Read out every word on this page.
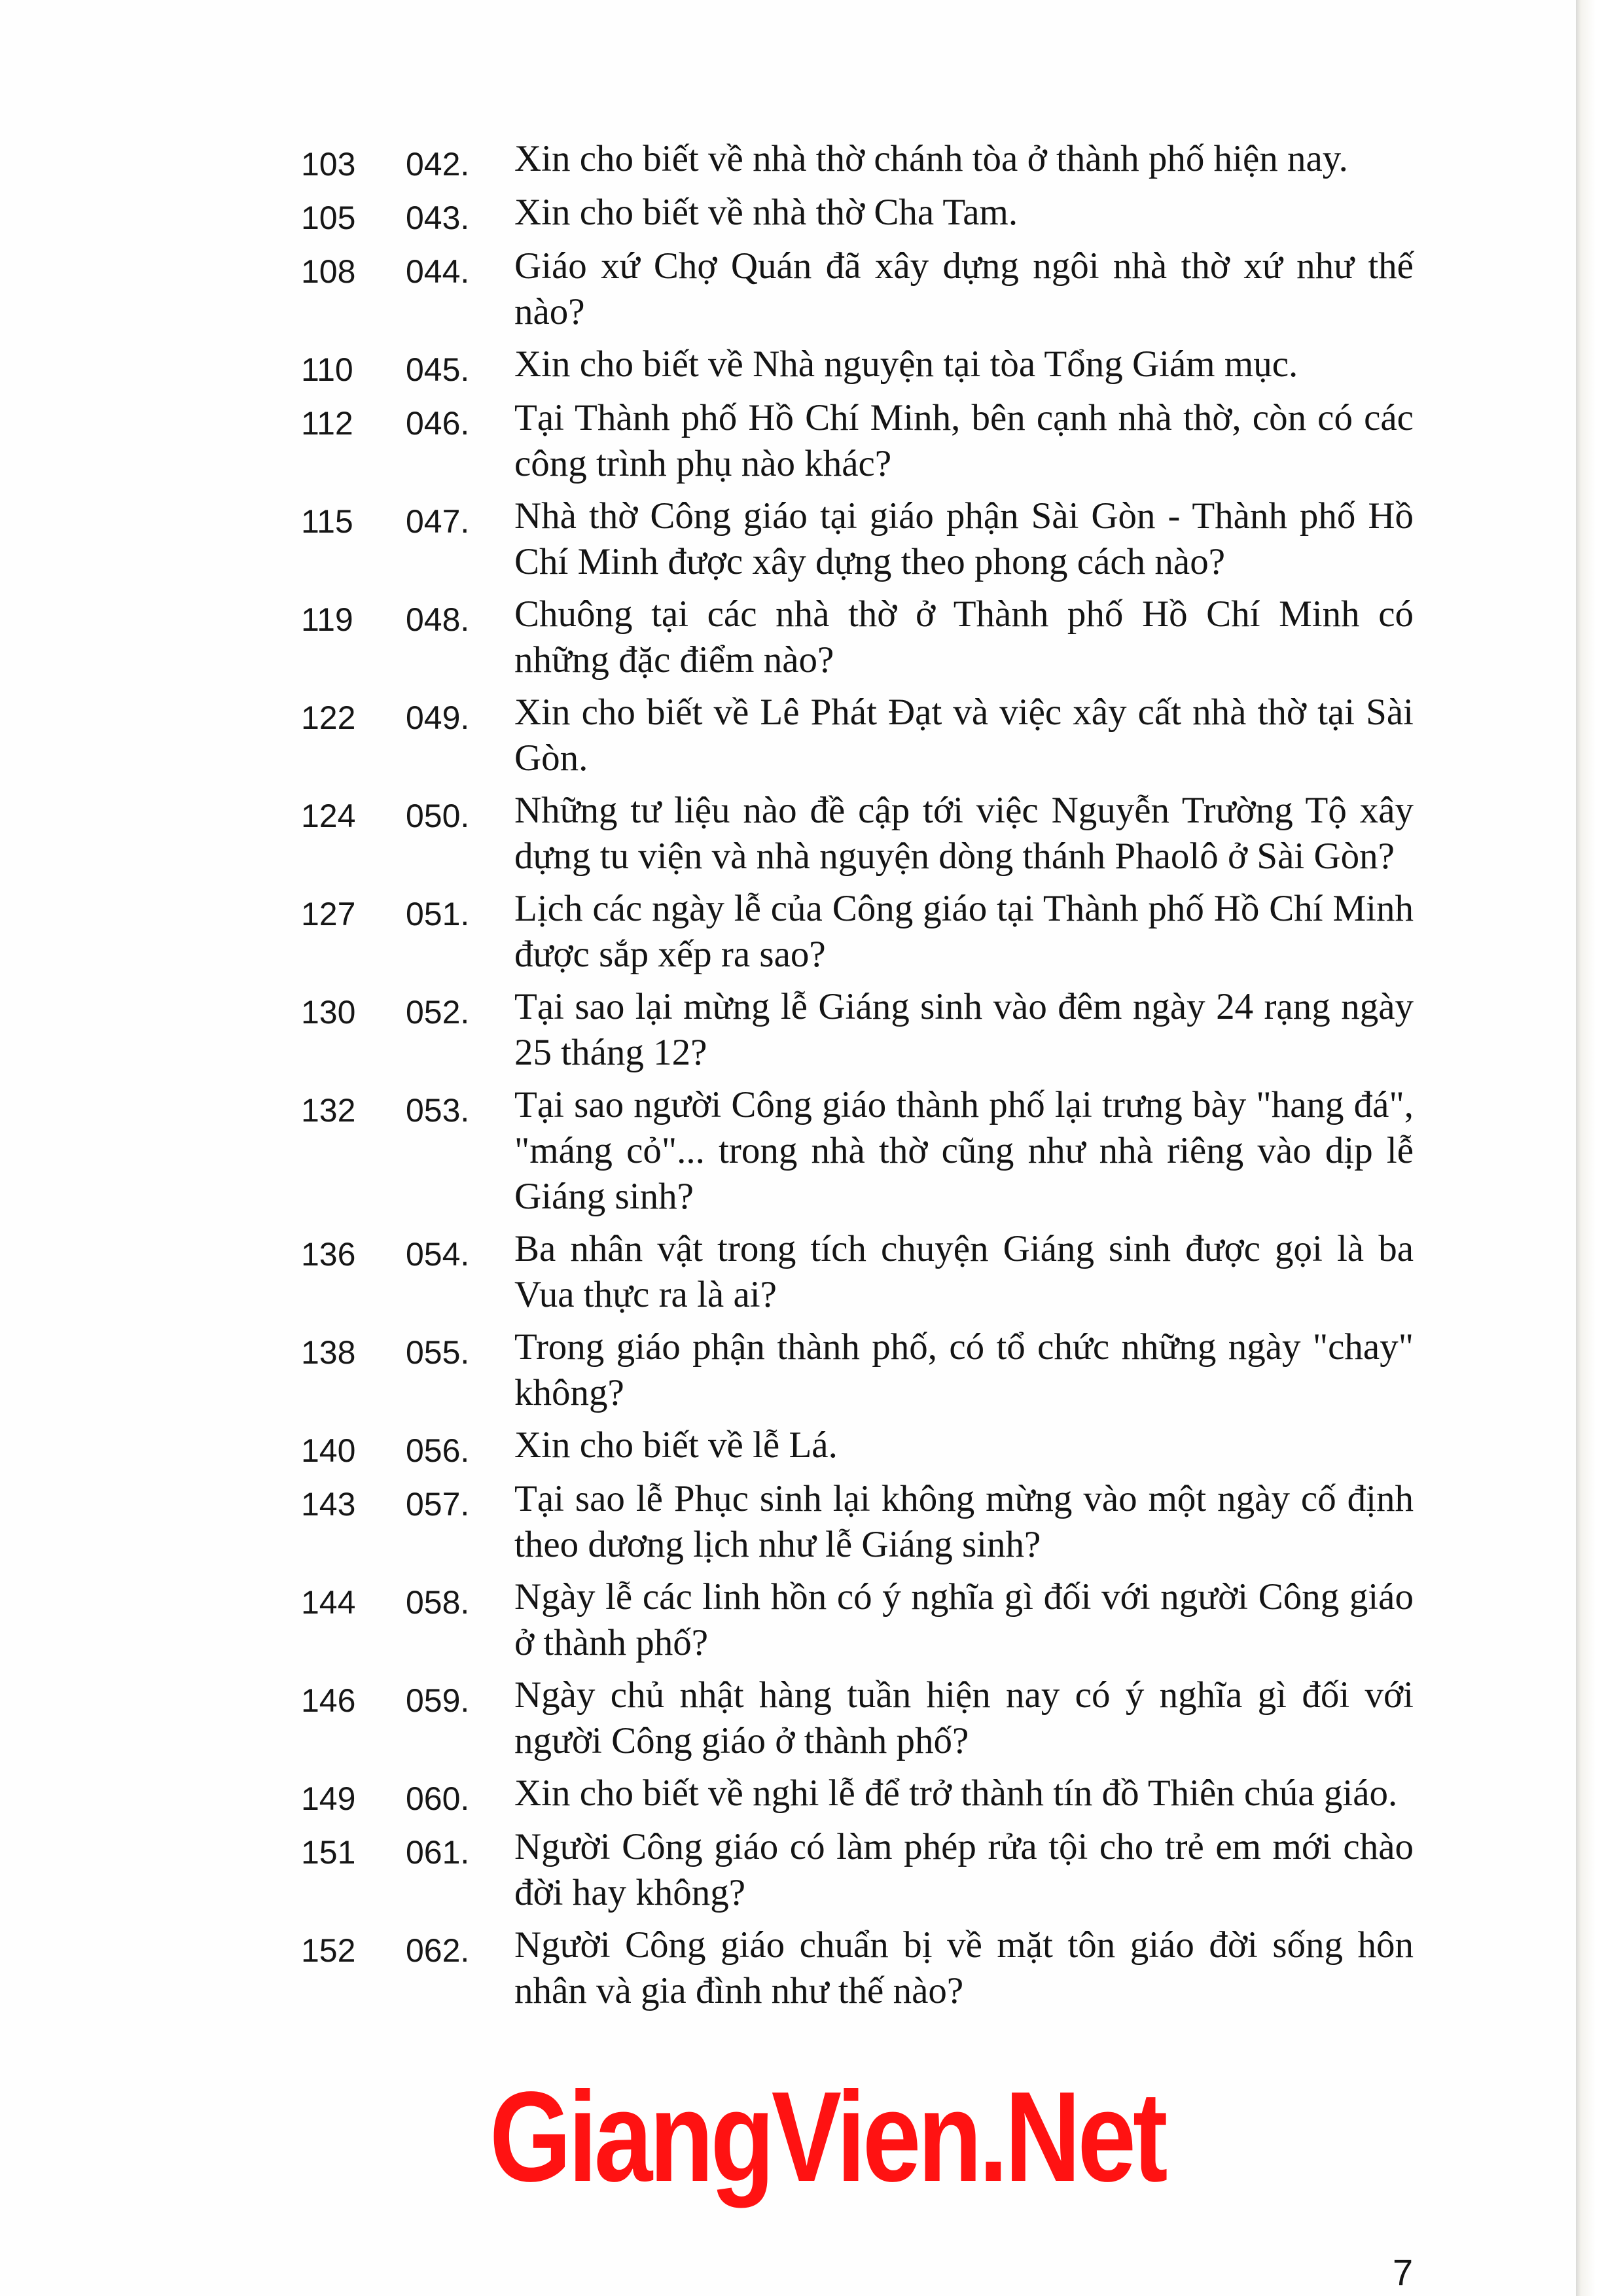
103	042.	Xin cho biết về nhà thờ chánh tòa ở thành phố hiện nay.
105	043.	Xin cho biết về nhà thờ Cha Tam.
108	044.	Giáo xứ Chợ Quán đã xây dựng ngôi nhà thờ xứ như thế nào?
110	045.	Xin cho biết về Nhà nguyện tại tòa Tổng Giám mục.
112	046.	Tại Thành phố Hồ Chí Minh, bên cạnh nhà thờ, còn có các công trình phụ nào khác?
115	047.	Nhà thờ Công giáo tại giáo phận Sài Gòn - Thành phố Hồ Chí Minh được xây dựng theo phong cách nào?
119	048.	Chuông tại các nhà thờ ở Thành phố Hồ Chí Minh có những đặc điểm nào?
122	049.	Xin cho biết về Lê Phát Đạt và việc xây cất nhà thờ tại Sài Gòn.
124	050.	Những tư liệu nào đề cập tới việc Nguyễn Trường Tộ xây dựng tu viện và nhà nguyện dòng thánh Phaolô ở Sài Gòn?
127	051.	Lịch các ngày lễ của Công giáo tại Thành phố Hồ Chí Minh được sắp xếp ra sao?
130	052.	Tại sao lại mừng lễ Giáng sinh vào đêm ngày 24 rạng ngày 25 tháng 12?
132	053.	Tại sao người Công giáo thành phố lại trưng bày "hang đá", "máng cỏ"... trong nhà thờ cũng như nhà riêng vào dịp lễ Giáng sinh?
136	054.	Ba nhân vật trong tích chuyện Giáng sinh được gọi là ba Vua thực ra là ai?
138	055.	Trong giáo phận thành phố, có tổ chức những ngày "chay" không?
140	056.	Xin cho biết về lễ Lá.
143	057.	Tại sao lễ Phục sinh lại không mừng vào một ngày cố định theo dương lịch như lễ Giáng sinh?
144	058.	Ngày lễ các linh hồn có ý nghĩa gì đối với người Công giáo ở thành phố?
146	059.	Ngày chủ nhật hàng tuần hiện nay có ý nghĩa gì đối với người Công giáo ở thành phố?
149	060.	Xin cho biết về nghi lễ để trở thành tín đồ Thiên chúa giáo.
151	061.	Người Công giáo có làm phép rửa tội cho trẻ em mới chào đời hay không?
152	062.	Người Công giáo chuẩn bị về mặt tôn giáo đời sống hôn nhân và gia đình như thế nào?
GiangVien.Net
7
